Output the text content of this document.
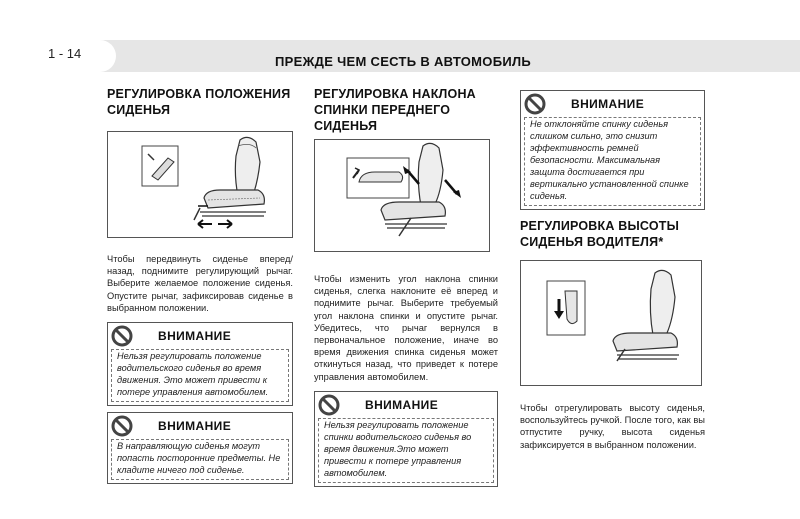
1 - 14
ПРЕЖДЕ ЧЕМ СЕСТЬ В АВТОМОБИЛЬ
РЕГУЛИРОВКА ПОЛОЖЕНИЯ
СИДЕНЬЯ
Чтобы передвинуть сиденье вперед/назад, поднимите регулирующий рычаг. Выберите желаемое положение сиденья. Опустите рычаг, зафиксировав сиденье в выбранном положении.
ВНИМАНИЕ
Нельзя регулировать положение водительского сиденья во время движения. Это может привести к потере управления автомобилем.
ВНИМАНИЕ
В направляющую сиденья могут попасть посторонние предметы. Не кладите ничего под сиденье.
РЕГУЛИРОВКА НАКЛОНА
СПИНКИ ПЕРЕДНЕГО
СИДЕНЬЯ
Чтобы изменить угол наклона спинки сиденья, слегка наклоните её вперед и поднимите рычаг. Выберите требуемый угол наклона спинки и опустите рычаг. Убедитесь, что рычаг вернулся в первоначальное положение, иначе во время движения спинка сиденья может откинуться назад, что приведет к потере управления автомобилем.
ВНИМАНИЕ
Нельзя регулировать положение спинки водительского сиденья во время движения.Это может привести к потере управления автомобилем.
ВНИМАНИЕ
Не отклоняйте спинку сиденья слишком сильно, это снизит эффективность ремней безопасности. Максимальная защита достигается при вертикально установленной спинке сиденья.
РЕГУЛИРОВКА ВЫСОТЫ
СИДЕНЬЯ ВОДИТЕЛЯ*
Чтобы отрегулировать высоту сиденья, воспользуйтесь ручкой. После того, как вы отпустите ручку, высота сиденья зафиксируется в выбранном положении.
